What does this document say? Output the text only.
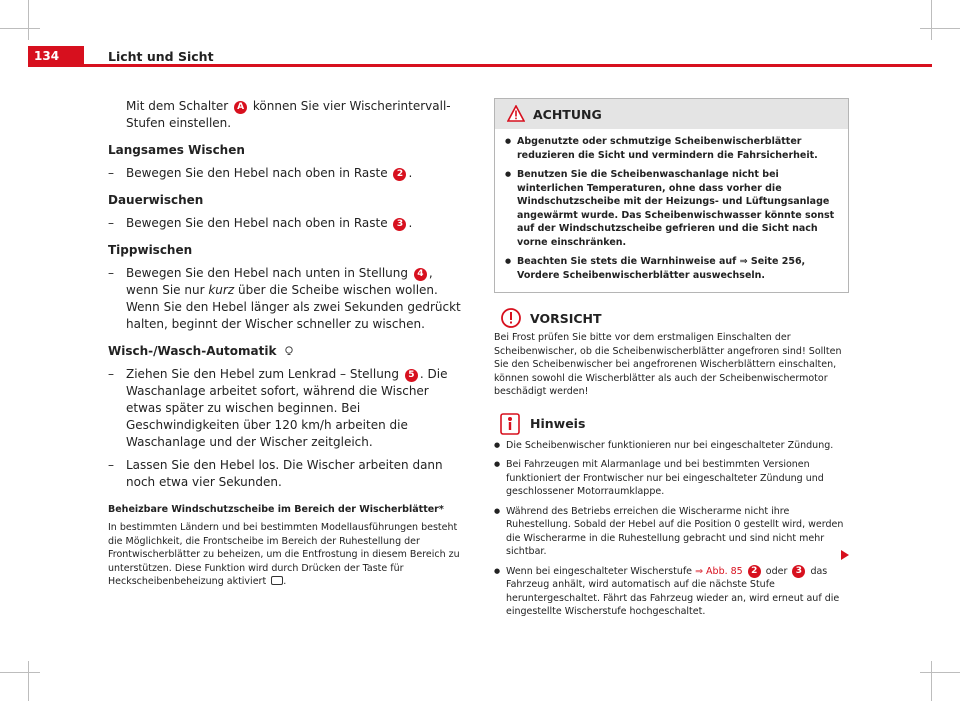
134	Licht und Sicht

Mit dem Schalter A können Sie vier Wischerintervall-Stufen einstellen.

Langsames Wischen
– Bewegen Sie den Hebel nach oben in Raste 2 .
Dauerwischen
– Bewegen Sie den Hebel nach oben in Raste 3 .
Tippwischen
– Bewegen Sie den Hebel nach unten in Stellung 4 , wenn Sie nur kurz über die Scheibe wischen wollen. Wenn Sie den Hebel länger als zwei Sekunden gedrückt halten, beginnt der Wischer schneller zu wischen.
Wisch-/Wasch-Automatik
– Ziehen Sie den Hebel zum Lenkrad – Stellung 5 . Die Waschanlage arbeitet sofort, während die Wischer etwas später zu wischen beginnen. Bei Geschwindigkeiten über 120 km/h arbeiten die Waschanlage und der Wischer zeitgleich.
– Lassen Sie den Hebel los. Die Wischer arbeiten dann noch etwa vier Sekunden.
Beheizbare Windschutzscheibe im Bereich der Wischerblätter*

In bestimmten Ländern und bei bestimmten Modellausführungen besteht die Möglichkeit, die Frontscheibe im Bereich der Ruhestellung der Frontwischerblätter zu beheizen, um die Entfrostung in diesem Bereich zu unterstützen. Diese Funktion wird durch Drücken der Taste für Heckscheibenbeheizung aktiviert .

ACHTUNG

● Abgenutzte oder schmutzige Scheibenwischerblätter reduzieren die Sicht und vermindern die Fahrsicherheit.

● Benutzen Sie die Scheibenwaschanlage nicht bei winterlichen Temperaturen, ohne dass vorher die Windschutzscheibe mit der Heizungs- und Lüftungsanlage angewärmt wurde. Das Scheibenwischwasser könnte sonst auf der Windschutzscheibe gefrieren und die Sicht nach vorne einschränken.

● Beachten Sie stets die Warnhinweise auf ⇒ Seite 256, Vordere Scheibenwischerblätter auswechseln.

VORSICHT

Bei Frost prüfen Sie bitte vor dem erstmaligen Einschalten der Scheibenwischer, ob die Scheibenwischerblätter angefroren sind! Sollten Sie den Scheibenwischer bei angefrorenen Wischerblättern einschalten, können sowohl die Wischerblätter als auch der Scheibenwischermotor beschädigt werden!

Hinweis

● Die Scheibenwischer funktionieren nur bei eingeschalteter Zündung.

● Bei Fahrzeugen mit Alarmanlage und bei bestimmten Versionen funktioniert der Frontwischer nur bei eingeschalteter Zündung und geschlossener Motorraumklappe.

● Während des Betriebs erreichen die Wischerarme nicht ihre Ruhestellung. Sobald der Hebel auf die Position 0 gestellt wird, werden die Wischerarme in die Ruhestellung gebracht und sind nicht mehr sichtbar.

● Wenn bei eingeschalteter Wischerstufe ⇒ Abb. 85 2 oder 3 das Fahrzeug anhält, wird automatisch auf die nächste Stufe heruntergeschaltet. Fährt das Fahrzeug wieder an, wird erneut auf die eingestellte Wischerstufe hochgeschaltet.
